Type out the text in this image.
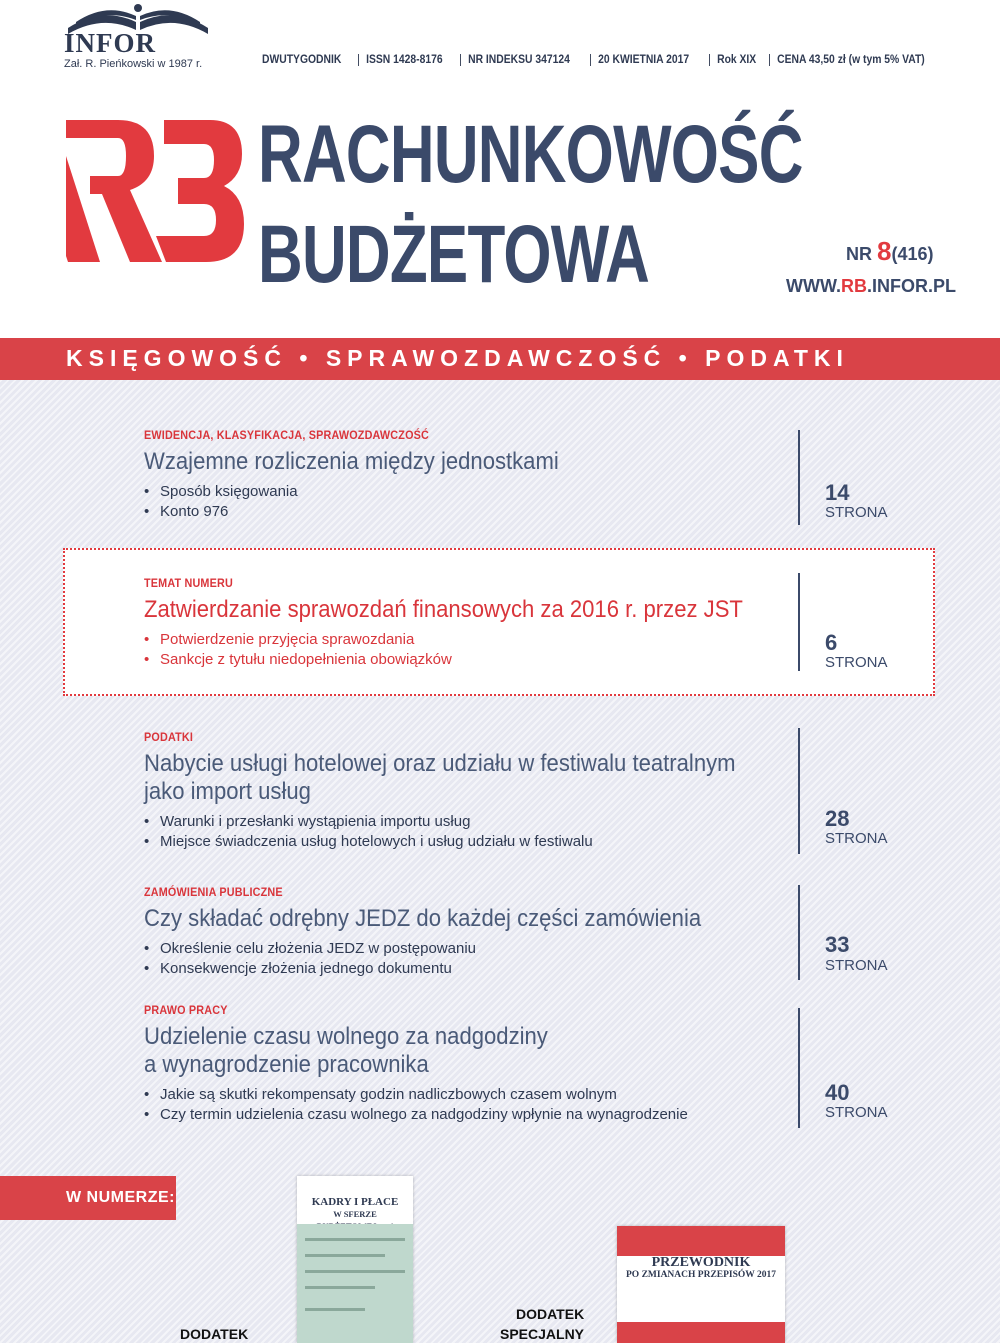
INFOR
Zał. R. Pieńkowski w 1987 r.	DWUTYGODNIK	ISSN 1428-8176	NR INDEKSU 347124	20 KWIETNIA 2017	Rok XIX	CENA 43,50 zł (w tym 5% VAT)
RACHUNKOWOŚĆ
BUDŻETOWA	NR 8(416)
WWW.RB.INFOR.PL
KSIĘGOWOŚĆ • SPRAWOZDAWCZOŚĆ • PODATKI
EWIDENCJA, KLASYFIKACJA, SPRAWOZDAWCZOŚĆ
Wzajemne rozliczenia między jednostkami
• Sposób księgowania
• Konto 976
14
STRONA
TEMAT NUMERU
Zatwierdzanie sprawozdań finansowych za 2016 r. przez JST
• Potwierdzenie przyjęcia sprawozdania
• Sankcje z tytułu niedopełnienia obowiązków
6
STRONA
PODATKI
Nabycie usługi hotelowej oraz udziału w festiwalu teatralnym
jako import usług
• Warunki i przesłanki wystąpienia importu usług
• Miejsce świadczenia usług hotelowych i usług udziału w festiwalu
28
STRONA
ZAMÓWIENIA PUBLICZNE
Czy składać odrębny JEDZ do każdej części zamówienia
• Określenie celu złożenia JEDZ w postępowaniu
• Konsekwencje złożenia jednego dokumentu
33
STRONA
PRAWO PRACY
Udzielenie czasu wolnego za nadgodziny
a wynagrodzenie pracownika
• Jakie są skutki rekompensaty godzin nadliczbowych czasem wolnym
• Czy termin udzielenia czasu wolnego za nadgodziny wpłynie na wynagrodzenie
40
STRONA
W NUMERZE:	KADRY I PŁACE
W SFERZE
DODATEK
DODATEK
SPECJALNY
PRZEWODNIK
PO ZMIANACH PRZEPISÓW 2017
